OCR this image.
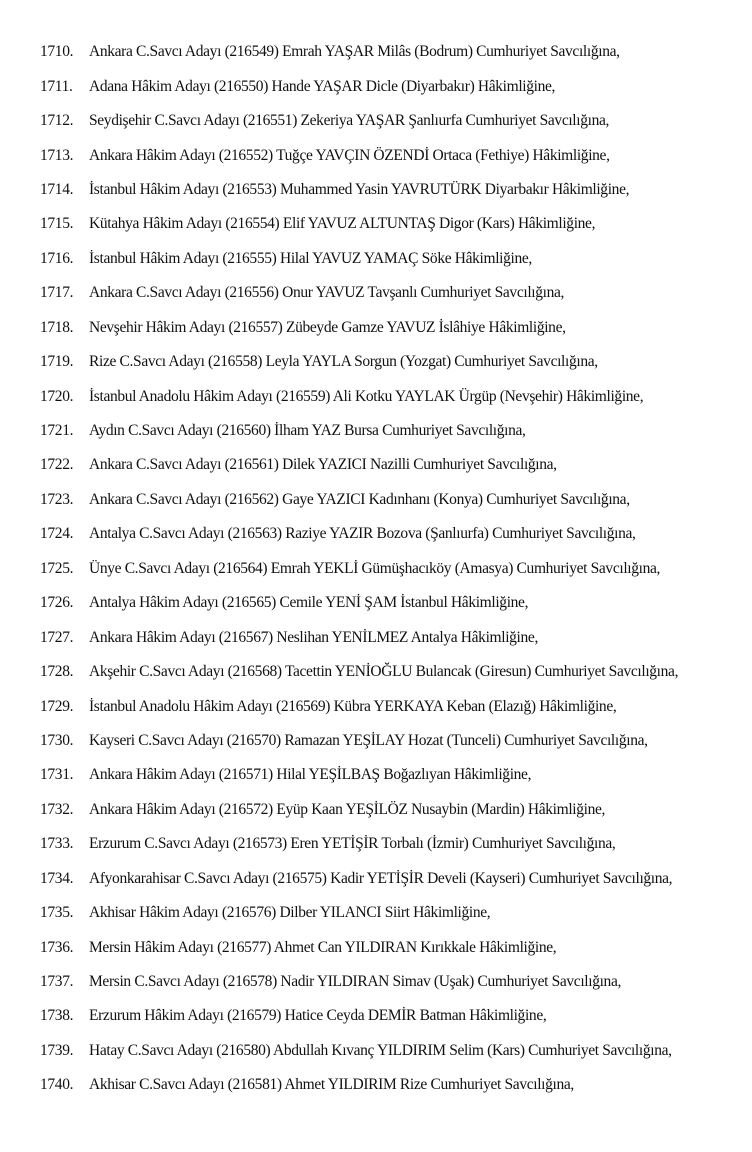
1710.	Ankara C.Savcı Adayı (216549) Emrah YAŞAR Milâs (Bodrum) Cumhuriyet Savcılığına,
1711.	Adana Hâkim Adayı (216550) Hande YAŞAR Dicle (Diyarbakır) Hâkimliğine,
1712.	Seydişehir C.Savcı Adayı (216551) Zekeriya YAŞAR Şanlıurfa Cumhuriyet Savcılığına,
1713.	Ankara Hâkim Adayı (216552) Tuğçe YAVÇIN ÖZENDİ Ortaca (Fethiye) Hâkimliğine,
1714.	İstanbul Hâkim Adayı (216553) Muhammed Yasin YAVRUTÜRK Diyarbakır Hâkimliğine,
1715.	Kütahya Hâkim Adayı (216554) Elif YAVUZ ALTUNTAŞ Digor (Kars) Hâkimliğine,
1716.	İstanbul Hâkim Adayı (216555) Hilal YAVUZ YAMAÇ Söke Hâkimliğine,
1717.	Ankara C.Savcı Adayı (216556) Onur YAVUZ Tavşanlı Cumhuriyet Savcılığına,
1718.	Nevşehir Hâkim Adayı (216557) Zübeyde Gamze YAVUZ İslâhiye Hâkimliğine,
1719.	Rize C.Savcı Adayı (216558) Leyla YAYLA Sorgun (Yozgat) Cumhuriyet Savcılığına,
1720.	İstanbul Anadolu Hâkim Adayı (216559) Ali Kotku YAYLAK Ürgüp (Nevşehir) Hâkimliğine,
1721.	Aydın C.Savcı Adayı (216560) İlham YAZ Bursa Cumhuriyet Savcılığına,
1722.	Ankara C.Savcı Adayı (216561) Dilek YAZICI Nazilli Cumhuriyet Savcılığına,
1723.	Ankara C.Savcı Adayı (216562) Gaye YAZICI Kadınhanı (Konya) Cumhuriyet Savcılığına,
1724.	Antalya C.Savcı Adayı (216563) Raziye YAZIR Bozova (Şanlıurfa) Cumhuriyet Savcılığına,
1725.	Ünye C.Savcı Adayı (216564) Emrah YEKLİ Gümüşhacıköy (Amasya) Cumhuriyet Savcılığına,
1726.	Antalya Hâkim Adayı (216565) Cemile YENİ ŞAM İstanbul Hâkimliğine,
1727.	Ankara Hâkim Adayı (216567) Neslihan YENİLMEZ Antalya Hâkimliğine,
1728.	Akşehir C.Savcı Adayı (216568) Tacettin YENİOĞLU Bulancak (Giresun) Cumhuriyet Savcılığına,
1729.	İstanbul Anadolu Hâkim Adayı (216569) Kübra YERKAYA Keban (Elazığ) Hâkimliğine,
1730.	Kayseri C.Savcı Adayı (216570) Ramazan YEŞİLAY Hozat (Tunceli) Cumhuriyet Savcılığına,
1731.	Ankara Hâkim Adayı (216571) Hilal YEŞİLBAŞ Boğazlıyan Hâkimliğine,
1732.	Ankara Hâkim Adayı (216572) Eyüp Kaan YEŞİLÖZ Nusaybin (Mardin) Hâkimliğine,
1733.	Erzurum C.Savcı Adayı (216573) Eren YETİŞİR Torbalı (İzmir) Cumhuriyet Savcılığına,
1734.	Afyonkarahisar C.Savcı Adayı (216575) Kadir YETİŞİR Develi (Kayseri) Cumhuriyet Savcılığına,
1735.	Akhisar Hâkim Adayı (216576) Dilber YILANCI Siirt Hâkimliğine,
1736.	Mersin Hâkim Adayı (216577) Ahmet Can YILDIRAN Kırıkkale Hâkimliğine,
1737.	Mersin C.Savcı Adayı (216578) Nadir YILDIRAN Simav (Uşak) Cumhuriyet Savcılığına,
1738.	Erzurum Hâkim Adayı (216579) Hatice Ceyda DEMİR Batman Hâkimliğine,
1739.	Hatay C.Savcı Adayı (216580) Abdullah Kıvanç YILDIRIM Selim (Kars) Cumhuriyet Savcılığına,
1740.	Akhisar C.Savcı Adayı (216581) Ahmet YILDIRIM Rize Cumhuriyet Savcılığına,
